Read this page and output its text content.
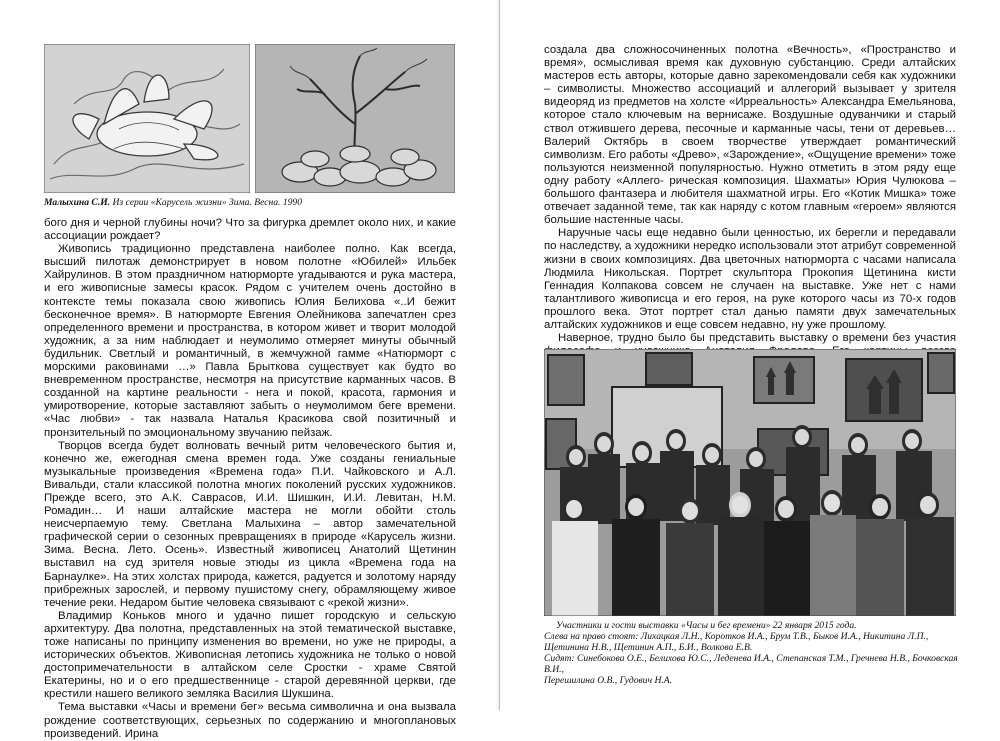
Малыхина С.И. Из серии «Карусель жизни» Зима. Весна. 1990

бого дня и черной глубины ночи? Что за фигурка дремлет около них, и какие ассоциации рождает?

Живопись традиционно представлена наиболее полно. Как всегда, высший пилотаж демонстрирует в новом полотне «Юбилей» Ильбек Хайрулинов. В этом праздничном натюрморте угадываются и рука мастера, и его живописные замесы красок. Рядом с учителем очень достойно в контексте темы показала свою живопись Юлия Белихова «..И бежит бесконечное время». В натюрморте Евгения Олейникова запечатлен срез определенного времени и пространства, в котором живет и творит молодой художник, а за ним наблюдает и неумолимо отмеряет минуты обычный будильник. Светлый и романтичный, в жемчужной гамме «Натюрморт с морскими раковинами …» Павла Брыткова существует как будто во вневременном пространстве, несмотря на присутствие карманных часов. В созданной на картине реальности - нега и покой, красота, гармония и умиротворение, которые заставляют забыть о неумолимом беге времени. «Час любви» - так назвала Наталья Красикова свой позитичный и пронзительный по эмоциональному звучанию пейзаж.

Творцов всегда будет волновать вечный ритм человеческого бытия и, конечно же, ежегодная смена времен года. Уже созданы гениальные музыкальные произведения «Времена года» П.И. Чайковского и А.Л. Вивальди, стали классикой полотна многих поколений русских художников. Прежде всего, это А.К. Саврасов, И.И. Шишкин, И.И. Левитан, Н.М. Ромадин… И наши алтайские мастера не могли обойти столь неисчерпаемую тему. Светлана Малыхина – автор замечательной графической серии о сезонных превращениях в природе «Карусель жизни. Зима. Весна. Лето. Осень». Известный живописец Анатолий Щетинин выставил на суд зрителя новые этюды из цикла «Времена года на Барнаулке». На этих холстах природа, кажется, радуется и золотому наряду прибрежных зарослей, и первому пушистому снегу, обрамляющему живое течение реки. Недаром бытие человека связывают с «рекой жизни».

Владимир Коньков много и удачно пишет городскую и сельскую архитектуру. Два полотна, представленных на этой тематической выставке, тоже написаны по принципу изменения во времени, но уже не природы, а исторических объектов. Живописная летопись художника не только о новой достопримечательности в алтайском селе Сростки - храме Святой Екатерины, но и о его предшественнице - старой деревянной церкви, где крестили нашего великого земляка Василия Шукшина.

Тема выставки «Часы и времени бег» весьма символична и она вызвала рождение соответствующих, серьезных по содержанию и многоплановых произведений. Ирина

создала два сложносочиненных полотна «Вечность», «Пространство и время», осмысливая время как духовную субстанцию. Среди алтайских мастеров есть авторы, которые давно зарекомендовали себя как художники – символисты. Множество ассоциаций и аллегорий вызывает у зрителя видеоряд из предметов на холсте «Ирреальность» Александра Емельянова, которое стало ключевым на вернисаже. Воздушные одуванчики и старый ствол отжившего дерева, песочные и карманные часы, тени от деревьев… Валерий Октябрь в своем творчестве утверждает романтический символизм. Его работы «Древо», «Зарождение», «Ощущение времени» тоже пользуются неизменной популярностью. Нужно отметить в этом ряду еще одну работу «Аллего- рическая композиция. Шахматы» Юрия Чулюкова – большого фантазера и любителя шахматной игры. Его «Котик Мишка» тоже отвечает заданной теме, так как наряду с котом главным «героем» являются большие настенные часы.

Наручные часы еще недавно были ценностью, их берегли и передавали по наследству, а художники нередко использовали этот атрибут современной жизни в своих композициях. Два цветочных натюрморта с часами написала Людмила Никольская. Портрет скульптора Прокопия Щетинина кисти Геннадия Колпакова совсем не случаен на выставке. Уже нет с нами талантливого живописца и его героя, на руке которого часы из 70-х годов прошлого века. Этот портрет стал данью памяти двух замечательных алтайских художников и еще совсем недавно, ну уже прошлому.

Наверное, трудно было бы представить выставку о времени без участия

Участники и гости выставки «Часы и бег времени» 22 января 2015 года.
Слева на право стоят: Лихацкая Л.Н., Коротков И.А., Брум Т.В., Быков И.А., Никитина Л.П.,
Щетинина Н.В., Щетинин А.П., Б.И., Волкова Е.В.
Сидят: Синебокова О.Е., Белихова Ю.С., Леденева И.А., Степанская Т.М., Гречнева Н.В., Бочковская В.И.,
Перешилина О.В., Гудович Н.А.
